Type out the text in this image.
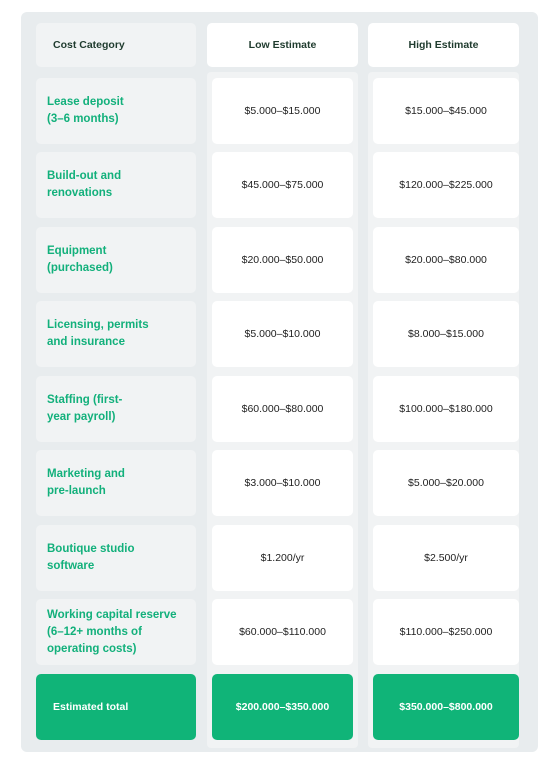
Cost Category	Low Estimate	High Estimate
Lease deposit
(3–6 months)
$5.000–$15.000	$15.000–$45.000
Build-out and
renovations
$45.000–$75.000	$120.000–$225.000
Equipment
(purchased)
$20.000–$50.000	$20.000–$80.000
Licensing, permits
and insurance
$5.000–$10.000	$8.000–$15.000
Staffing (first-
year payroll)
$60.000–$80.000	$100.000–$180.000
Marketing and
pre-launch
$3.000–$10.000	$5.000–$20.000
Boutique studio
software
$1.200/yr	$2.500/yr
Working capital reserve
(6–12+ months of
operating costs)
$60.000–$110.000	$110.000–$250.000
Estimated total	$200.000–$350.000	$350.000–$800.000
